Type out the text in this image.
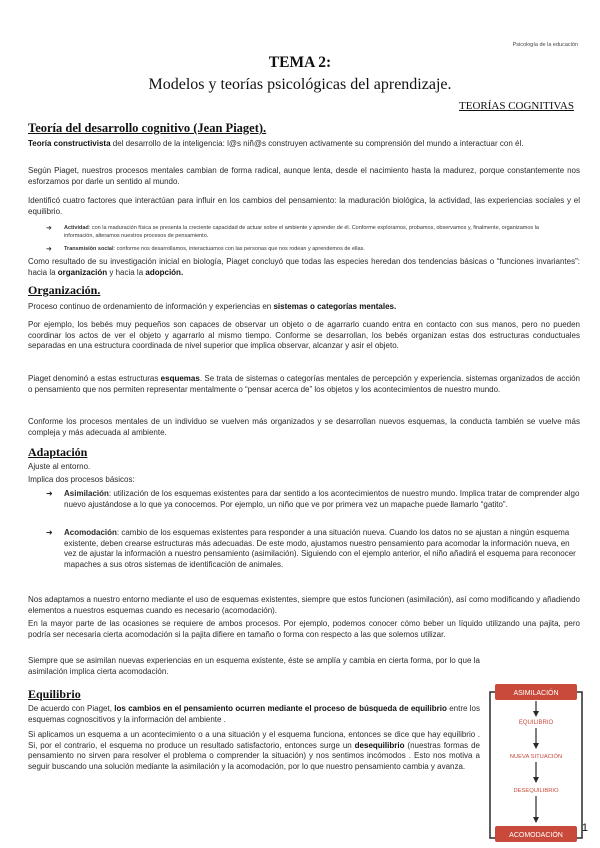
Psicología de la educación
TEMA 2:
Modelos y teorías psicológicas del aprendizaje.
TEORÍAS COGNITIVAS
Teoría del desarrollo cognitivo (Jean Piaget).
Teoría constructivista del desarrollo de la inteligencia: l@s niñ@s construyen activamente su comprensión del mundo a interactuar con él.
Según Piaget, nuestros procesos mentales cambian de forma radical, aunque lenta, desde el nacimiento hasta la madurez, porque constantemente nos esforzamos por darle un sentido al mundo.
Identificó cuatro factores que interactúan para influir en los cambios del pensamiento: la maduración biológica, la actividad, las experiencias sociales y el equilibrio.
➜ Actividad: con la maduración física se presenta la creciente capacidad de actuar sobre el ambiente y aprender de él. Conforme exploramos, probamos, observamos y, finalmente, organizamos la información, alteramos nuestros procesos de pensamiento.
➜ Transmisión social: conforme nos desarrollamos, interactuamos con las personas que nos rodean y aprendemos de ellas.
Como resultado de su investigación inicial en biología, Piaget concluyó que todas las especies heredan dos tendencias básicas o “funciones invariantes”: hacia la organización y hacia la adopción.
Organización.
Proceso continuo de ordenamiento de información y experiencias en sistemas o categorías mentales.
Por ejemplo, los bebés muy pequeños son capaces de observar un objeto o de agarrarlo cuando entra en contacto con sus manos, pero no pueden coordinar los actos de ver el objeto y agarrarlo al mismo tiempo. Conforme se desarrollan, los bebés organizan estas dos estructuras conductuales separadas en una estructura coordinada de nivel superior que implica observar, alcanzar y asir el objeto.
Piaget denominó a estas estructuras esquemas. Se trata de sistemas o categorías mentales de percepción y experiencia. sistemas organizados de acción o pensamiento que nos permiten representar mentalmente o “pensar acerca de” los objetos y los acontecimientos de nuestro mundo.
Conforme los procesos mentales de un individuo se vuelven más organizados y se desarrollan nuevos esquemas, la conducta también se vuelve más compleja y más adecuada al ambiente.
Adaptación
Ajuste al entorno.
Implica dos procesos básicos:
➜ Asimilación: utilización de los esquemas existentes para dar sentido a los acontecimientos de nuestro mundo. Implica tratar de comprender algo nuevo ajustándose a lo que ya conocemos. Por ejemplo, un niño que ve por primera vez un mapache puede llamarlo “gatito”.
➜ Acomodación: cambio de los esquemas existentes para responder a una situación nueva. Cuando los datos no se ajustan a ningún esquema existente, deben crearse estructuras más adecuadas. De este modo, ajustamos nuestro pensamiento para acomodar la información nueva, en vez de ajustar la información a nuestro pensamiento (asimilación). Siguiendo con el ejemplo anterior, el niño añadirá el esquema para reconocer mapaches a sus otros sistemas de identificación de animales.
Nos adaptamos a nuestro entorno mediante el uso de esquemas existentes, siempre que estos funcionen (asimilación), así como modificando y añadiendo elementos a nuestros esquemas cuando es necesario (acomodación).
En la mayor parte de las ocasiones se requiere de ambos procesos. Por ejemplo, podemos conocer cómo beber un líquido utilizando una pajita, pero podría ser necesaria cierta acomodación si la pajita difiere en tamaño o forma con respecto a las que solemos utilizar.
Siempre que se asimilan nuevas experiencias en un esquema existente, éste se amplía y cambia en cierta forma, por lo que la asimilación implica cierta acomodación.
Equilibrio
De acuerdo con Piaget, los cambios en el pensamiento ocurren mediante el proceso de búsqueda de equilibrio entre los esquemas cognoscitivos y la información del ambiente .
Si aplicamos un esquema a un acontecimiento o a una situación y el esquema funciona, entonces se dice que hay equilibrio . Si, por el contrario, el esquema no produce un resultado satisfactorio, entonces surge un desequilibrio (nuestras formas de pensamiento no sirven para resolver el problema o comprender la situación) y nos sentimos incómodos . Esto nos motiva a seguir buscando una solución mediante la asimilación y la acomodación, por lo que nuestro pensamiento cambia y avanza.
ASIMILACIÓN
EQUILIBRIO
NUEVA SITUACIÓN
DESEQUILIBRIO
ACOMODACIÓN
1
